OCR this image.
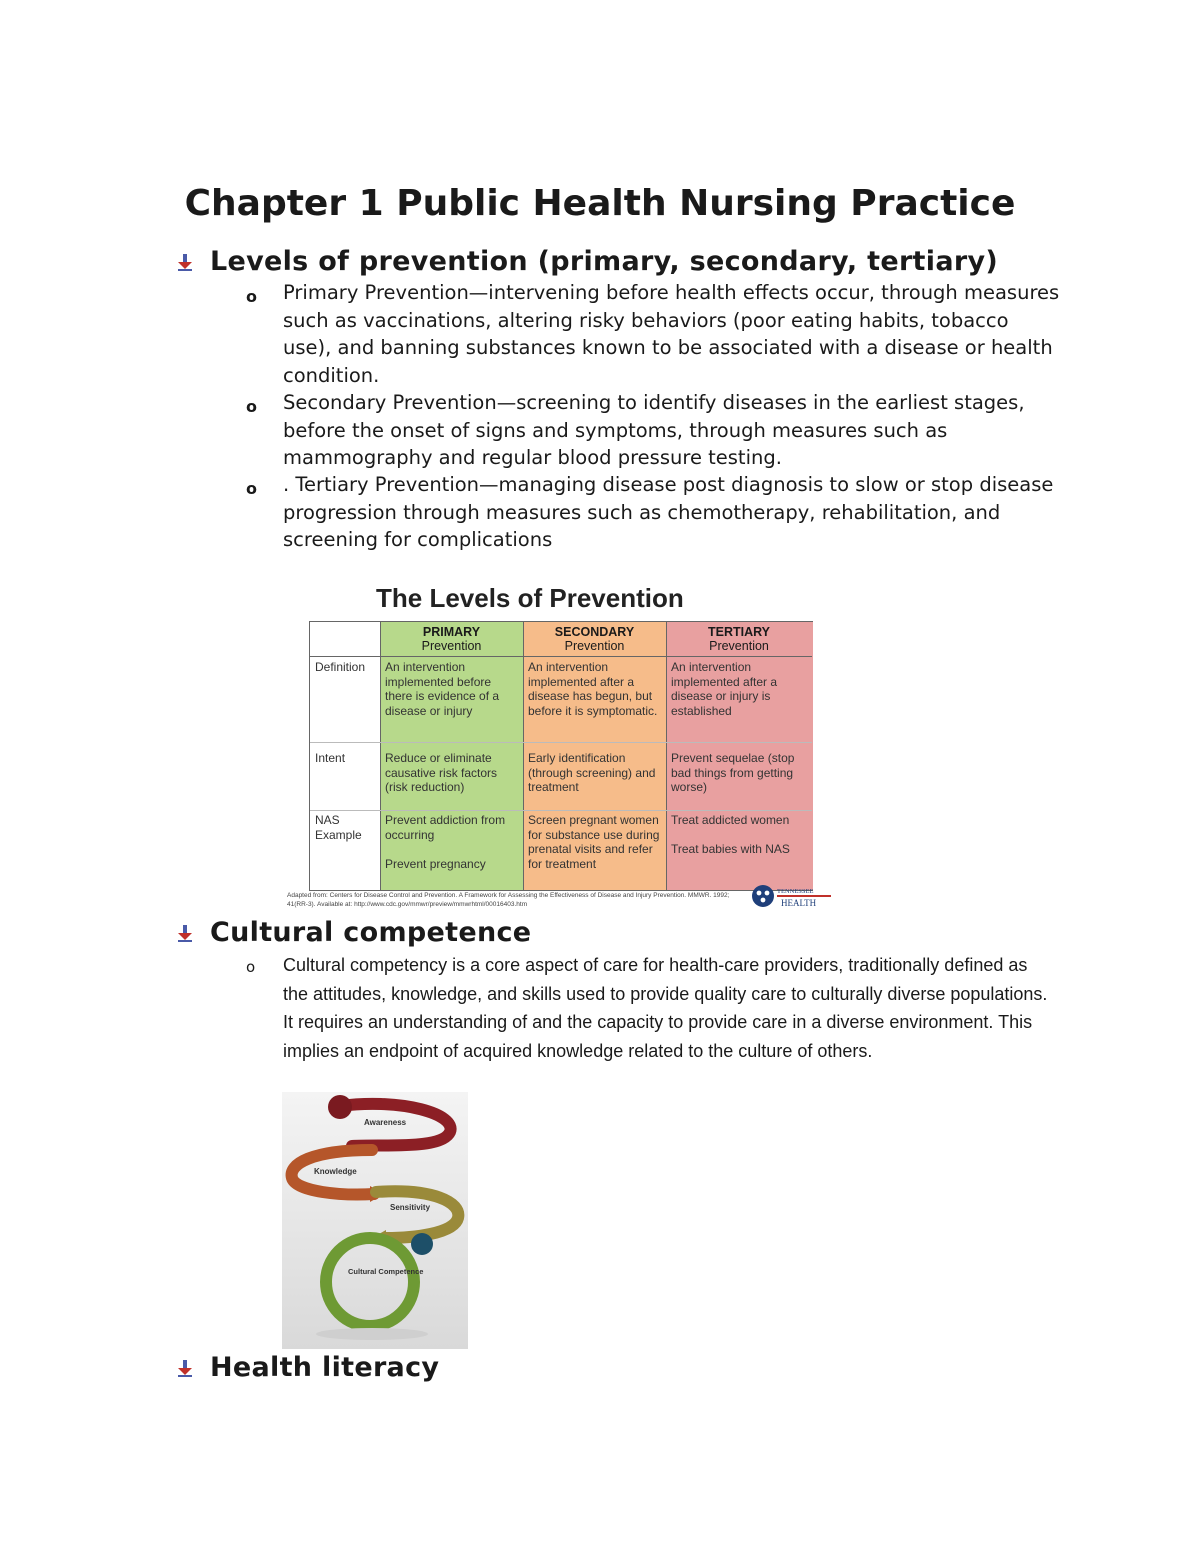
Chapter 1 Public Health Nursing Practice
Levels of prevention (primary, secondary, tertiary)
o Primary Prevention—intervening before health effects occur, through measures such as vaccinations, altering risky behaviors (poor eating habits, tobacco use), and banning substances known to be associated with a disease or health condition.
o Secondary Prevention—screening to identify diseases in the earliest stages, before the onset of signs and symptoms, through measures such as mammography and regular blood pressure testing.
o . Tertiary Prevention—managing disease post diagnosis to slow or stop disease progression through measures such as chemotherapy, rehabilitation, and screening for complications
The Levels of Prevention
PRIMARY
Prevention
SECONDARY
Prevention
TERTIARY
Prevention
Definition	An intervention implemented before there is evidence of a disease or injury
An intervention implemented after a disease has begun, but before it is symptomatic.
An intervention implemented after a disease or injury is established
Intent	Reduce or eliminate causative risk factors (risk reduction)
Early identification (through screening) and treatment
Prevent sequelae (stop bad things from getting worse)
NAS Example
Prevent addiction from occurring

Prevent pregnancy
Screen pregnant women for substance use during prenatal visits and refer for treatment
Treat addicted women

Treat babies with NAS
Adapted from: Centers for Disease Control and Prevention. A Framework for Assessing the Effectiveness of Disease and Injury Prevention. MMWR. 1992; 41(RR-3). Available at: http://www.cdc.gov/mmwr/preview/mmwrhtml/00016403.htm
TENNESSEE
HEALTH
Cultural competence
o Cultural competency is a core aspect of care for health-care providers, traditionally defined as the attitudes, knowledge, and skills used to provide quality care to culturally diverse populations. It requires an understanding of and the capacity to provide care in a diverse environment. This implies an endpoint of acquired knowledge related to the culture of others.
Awareness
Knowledge
Sensitivity
Cultural Competence
Health literacy
